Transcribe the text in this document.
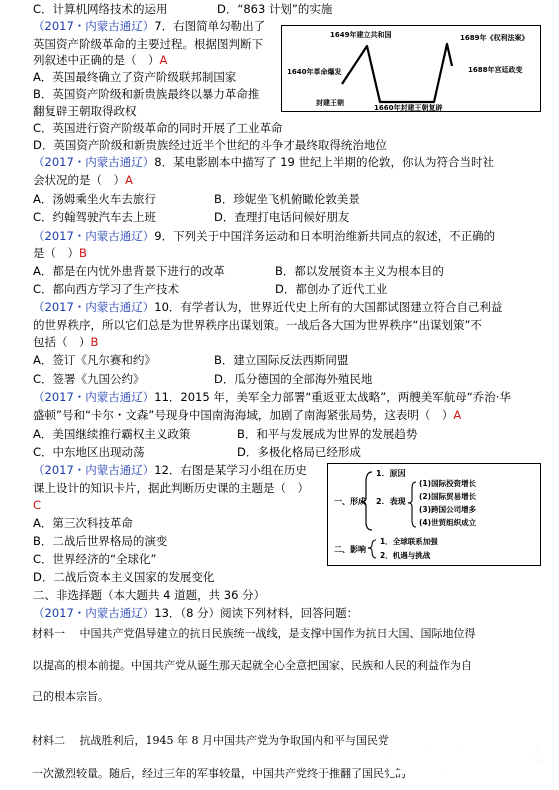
C．计算机网络技术的运用	D．“863 计划”的实施
（2017・内蒙古通辽）7．右图简单勾勒出了
英国资产阶级革命的主要过程。根据图判断下
列叙述中正确的是（　）A
A．英国最终确立了资产阶级联邦制国家
B．英国资产阶级和新贵族最终以暴力革命推
翻复辟王朝取得政权
C．英国进行资产阶级革命的同时开展了工业革命
D．英国资产阶级和新贵族经过近半个世纪的斗争才最终取得统治地位
（2017・内蒙古通辽）8．某电影剧本中描写了 19 世纪上半期的伦敦，你认为符合当时社
会状况的是（　）A
A．汤姆乘坐火车去旅行	B．珍妮坐飞机俯瞰伦敦美景
C．约翰驾驶汽车去上班	D．查理打电话问候好朋友
（2017・内蒙古通辽）9．下列关于中国洋务运动和日本明治维新共同点的叙述，不正确的
是（　）B
A．都是在内忧外患背景下进行的改革	B．都以发展资本主义为根本目的
C．都向西方学习了生产技术	D．都创办了近代工业
（2017・内蒙古通辽）10．有学者认为，世界近代史上所有的大国都试图建立符合自己利益
的世界秩序，所以它们总是为世界秩序出谋划策。一战后各大国为世界秩序“出谋划策”不
包括（　）B
A．签订《凡尔赛和约》	B．建立国际反法西斯同盟
C．签署《九国公约》	D．瓜分德国的全部海外殖民地
（2017・内蒙古通辽）11．2015 年，美军全力部署“重返亚太战略”，两艘美军航母“乔治·华
盛顿”号和“卡尔・文森”号现身中国南海海域，加剧了南海紧张局势，这表明（　）A
A．美国继续推行霸权主义政策	B．和平与发展成为世界的发展趋势
C．中东地区出现动荡	D．多极化格局已经形成
（2017・内蒙古通辽）12．右图是某学习小组在历史
课上设计的知识卡片，据此判断历史课的主题是（　）
C
A．第三次科技革命
B．二战后世界格局的演变
C．世界经济的“全球化”
D．二战后资本主义国家的发展变化
二、非选择题（本大题共 4 道题，共 36 分）
（2017・内蒙古通辽）13．（8 分）阅读下列材料，回答问题：
1649年建立共和国	1689年《权利法案》
1640年革命爆发	1688年宫廷政变
封建王朝
1660年封建王朝复辟
一、形成
1．原因
2．表现
(1)国际投资增长
(2)国际贸易增长
(3)跨国公司增多
(4)世贸组织成立
二、影响
1．全球联系加强
2．机遇与挑战
材料一　 中国共产党倡导建立的抗日民族统一战线，是支撑中国作为抗日大国、国际地位得
以提高的根本前提。中国共产党从诞生那天起就全心全意把国家、民族和人民的利益作为自
己的根本宗旨。
材料二　 抗战胜利后，1945 年 8 月中国共产党为争取国内和平与国民党
一次激烈较量。随后，经过三年的军事较量，中国共产党终于推翻了国民党的
留学社区
